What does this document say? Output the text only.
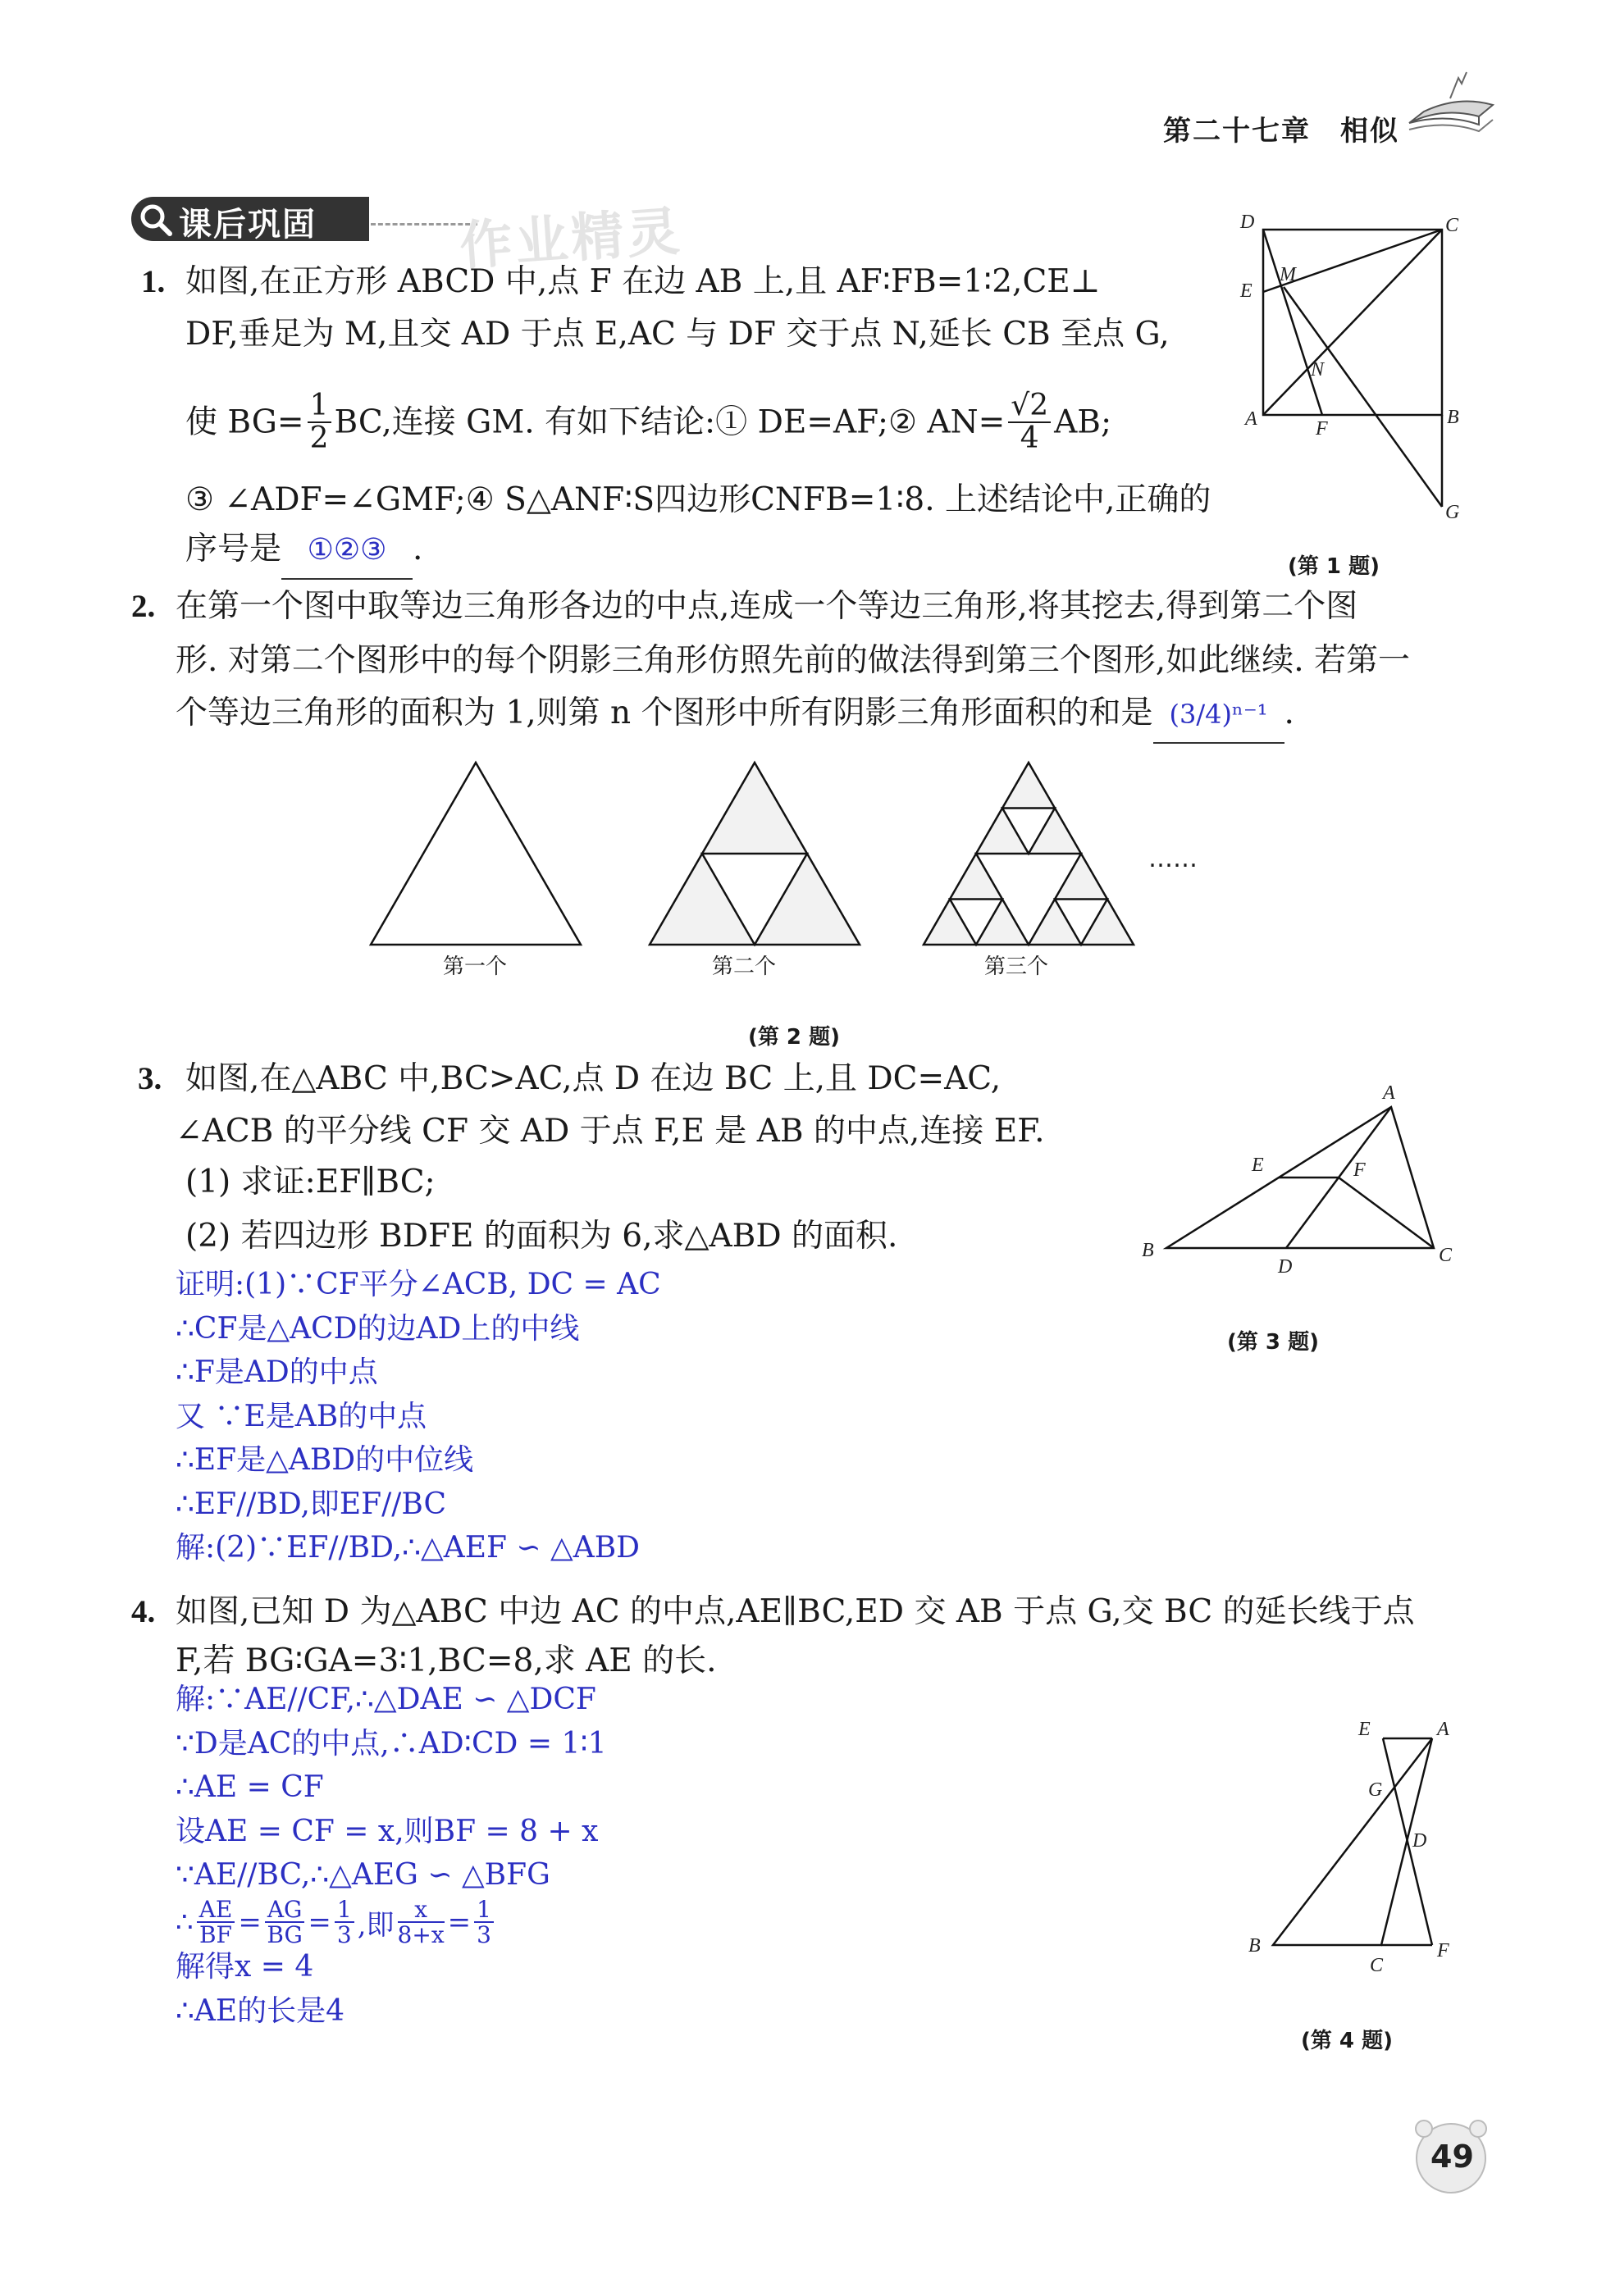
第二十七章　相似
课后巩固	作业精灵
1. 如图,在正方形 ABCD 中,点 F 在边 AB 上,且 AF∶FB=1∶2,CE⊥
DF,垂足为 M,且交 AD 于点 E,AC 与 DF 交于点 N,延长 CB 至点 G,
使 $BG= \frac{1}{2}$ BC,连接 GM. 有如下结论:① DE=AF;② $AN= \frac{√2}{4}$ AB;
③ ∠ADF=∠GMF;④ S△ANF∶S四边形CNFB=1∶8. 上述结论中,正确的
序号是 ①②③ .
D	C
E
M
N
A	F
B
G
(第 1 题)
2. 在第一个图中取等边三角形各边的中点,连成一个等边三角形,将其挖去,得到第二个图
形. 对第二个图形中的每个阴影三角形仿照先前的做法得到第三个图形,如此继续. 若第一
个等边三角形的面积为 1,则第 n 个图形中所有阴影三角形面积的和是 (3/4)ⁿ⁻¹ .
……
第一个	第二个	第三个
(第 2 题)
3. 如图,在△ABC 中,BC>AC,点 D 在边 BC 上,且 DC=AC,
∠ACB 的平分线 CF 交 AD 于点 F,E 是 AB 的中点,连接 EF.
(1) 求证:EF∥BC;
(2) 若四边形 BDFE 的面积为 6,求△ABD 的面积.
证明:(1)∵CF平分∠ACB, DC = AC
∴CF是△ACD的边AD上的中线
∴F是AD的中点
又 ∵E是AB的中点
∴EF是△ABD的中位线
∴EF//BD,即EF//BC
解:(2)∵EF//BD,∴△AEF ∽ △ABD
A
E	F
B
D
C
(第 3 题)
4. 如图,已知 D 为△ABC 中边 AC 的中点,AE∥BC,ED 交 AB 于点 G,交 BC 的延长线于点
F,若 BG∶GA=3∶1,BC=8,求 AE 的长.
解:∵AE//CF,∴△DAE ∽ △DCF
∵D是AC的中点,∴AD∶CD = 1∶1
∴AE = CF
设AE = CF = x,则BF = 8 + x
∵AE//BC,∴△AEG ∽ △BFG
∴ $\frac{AE}{BF} = \frac{AG}{BG} = \frac{1}{3}$ ,即 $\frac{x}{8+x} = \frac{1}{3}$
解得x = 4
∴AE的长是4
E	A
G
D
B
C
F
(第 4 题)
49
